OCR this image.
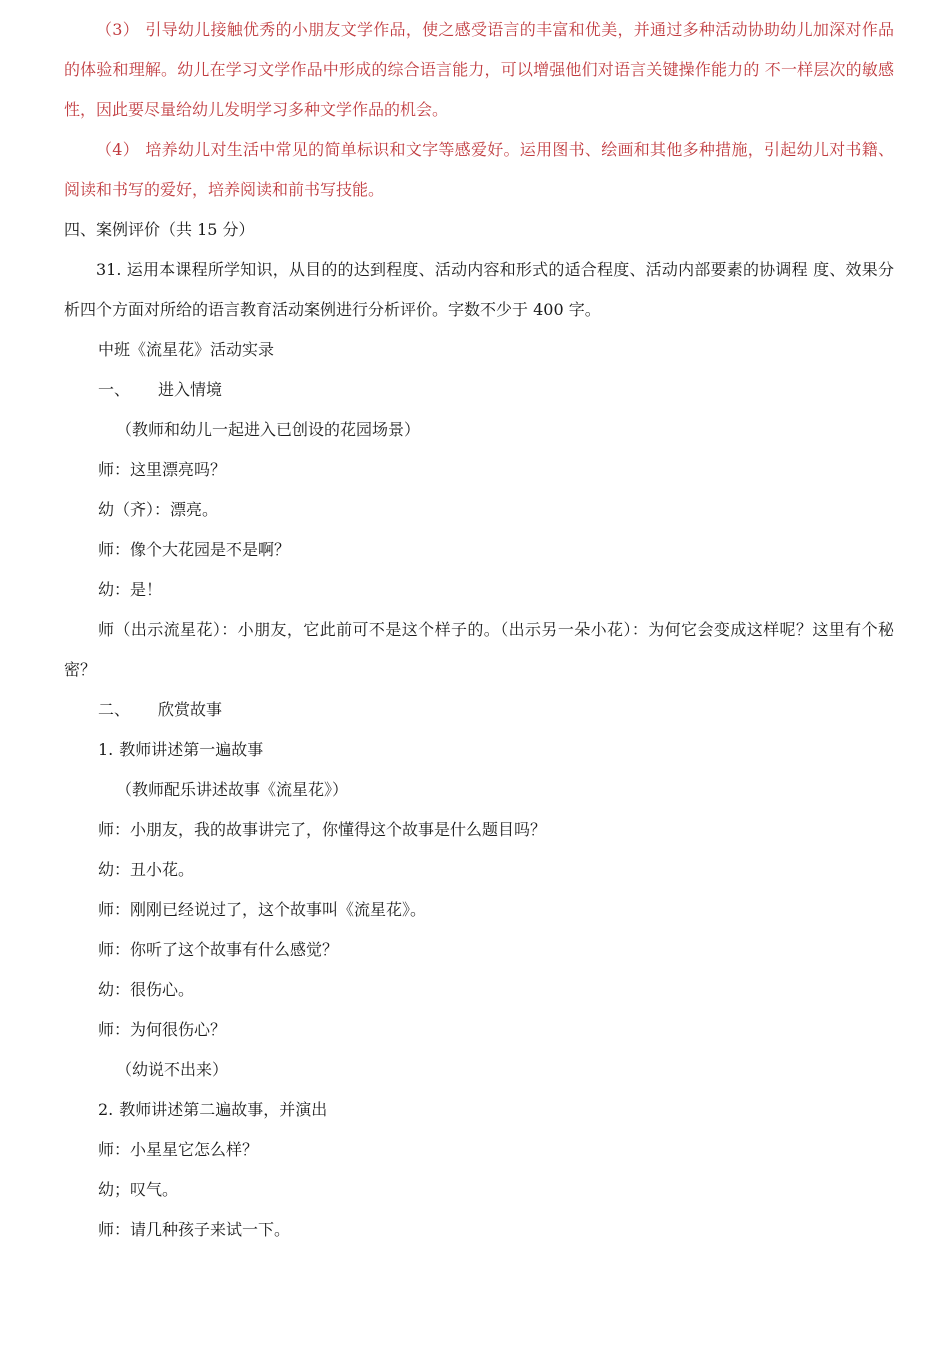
（3） 引导幼儿接触优秀的小朋友文学作品，使之感受语言的丰富和优美，并通过多种活动协助幼儿加深对作品的体验和理解。幼儿在学习文学作品中形成的综合语言能力，可以增强他们对语言关键操作能力的 不一样层次的敏感性，因此要尽量给幼儿发明学习多种文学作品的机会。

（4） 培养幼儿对生活中常见的简单标识和文字等感爱好。运用图书、绘画和其他多种措施，引起幼儿对书籍、阅读和书写的爱好，培养阅读和前书写技能。

四、案例评价（共 15 分）

31. 运用本课程所学知识，从目的的达到程度、活动内容和形式的适合程度、活动内部要素的协调程 度、效果分析四个方面对所给的语言教育活动案例进行分析评价。字数不少于 400 字。

中班《流星花》活动实录

一、 进入情境

（教师和幼儿一起进入已创设的花园场景）

师：这里漂亮吗？

幼（齐）：漂亮。

师：像个大花园是不是啊？

幼：是！

师（出示流星花）：小朋友，它此前可不是这个样子的。（出示另一朵小花）：为何它会变成这样呢？这里有个秘密？

二、 欣赏故事

1. 教师讲述第一遍故事

（教师配乐讲述故事《流星花》）

师：小朋友，我的故事讲完了，你懂得这个故事是什么题目吗？

幼：丑小花。

师：刚刚已经说过了，这个故事叫《流星花》。

师：你听了这个故事有什么感觉？

幼：很伤心。

师：为何很伤心？

（幼说不出来）

2. 教师讲述第二遍故事，并演出

师：小星星它怎么样？

幼；叹气。

师：请几种孩子来试一下。
